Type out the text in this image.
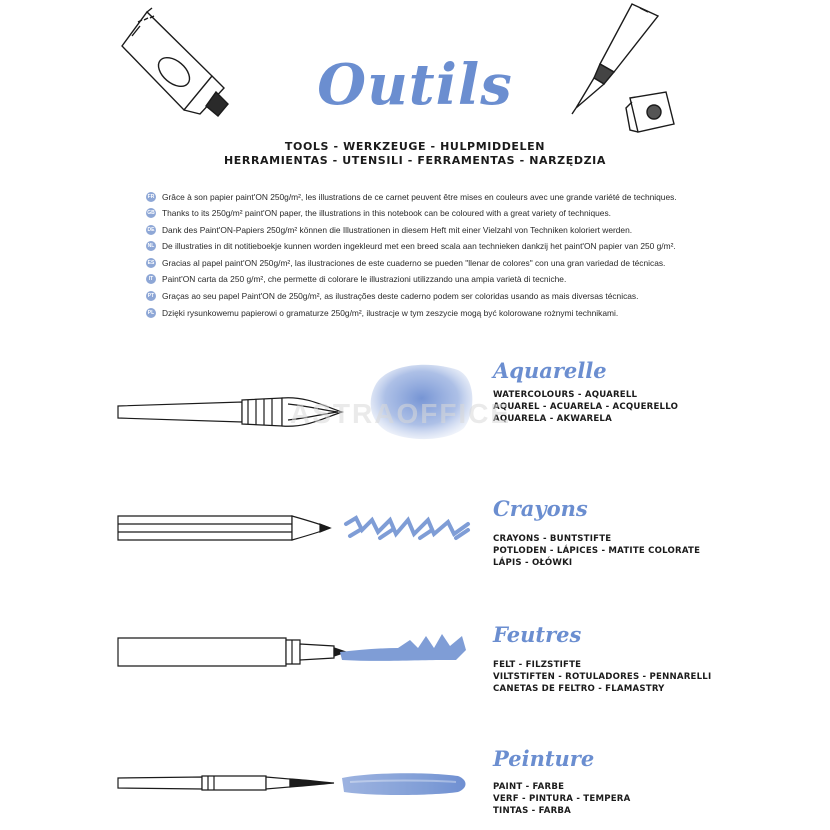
Outils
TOOLS - WERKZEUGE - HULPMIDDELEN
HERRAMIENTAS - UTENSILI - FERRAMENTAS - NARZĘDZIA
FR Grâce à son papier paint'ON 250g/m², les illustrations de ce carnet peuvent être mises en couleurs avec une grande variété de techniques.
GB Thanks to its 250g/m² paint'ON paper, the illustrations in this notebook can be coloured with a great variety of techniques.
DE Dank des Paint'ON-Papiers 250g/m² können die Illustrationen in diesem Heft mit einer Vielzahl von Techniken koloriert werden.
NL De illustraties in dit notitieboekje kunnen worden ingekleurd met een breed scala aan technieken dankzij het paint'ON papier van 250 g/m².
ES Gracias al papel paint'ON 250g/m², las ilustraciones de este cuaderno se pueden "llenar de colores" con una gran variedad de técnicas.
IT	Paint'ON carta da 250 g/m², che permette di colorare le illustrazioni utilizzando una ampia varietà di tecniche.
PT Graças ao seu papel Paint'ON de 250g/m², as ilustrações deste caderno podem ser coloridas usando as mais diversas técnicas.
PL Dzięki rysunkowemu papierowi o gramaturze 250g/m², ilustracje w tym zeszycie mogą być kolorowane rożnymi technikami.
Aquarelle
WATERCOLOURS - AQUARELL
AQUAREL - ACUARELA - ACQUERELLO
AQUARELA - AKWARELA
ASTRAOFFICE
Crayons
CRAYONS - BUNTSTIFTE
POTLODEN - LÁPICES - MATITE COLORATE
LÁPIS - OŁÓWKI
Feutres
FELT - FILZSTIFTE
VILTSTIFTEN - ROTULADORES - PENNARELLI
CANETAS DE FELTRO - FLAMASTRY
Peinture
PAINT - FARBE
VERF - PINTURA - TEMPERA
TINTAS - FARBA
